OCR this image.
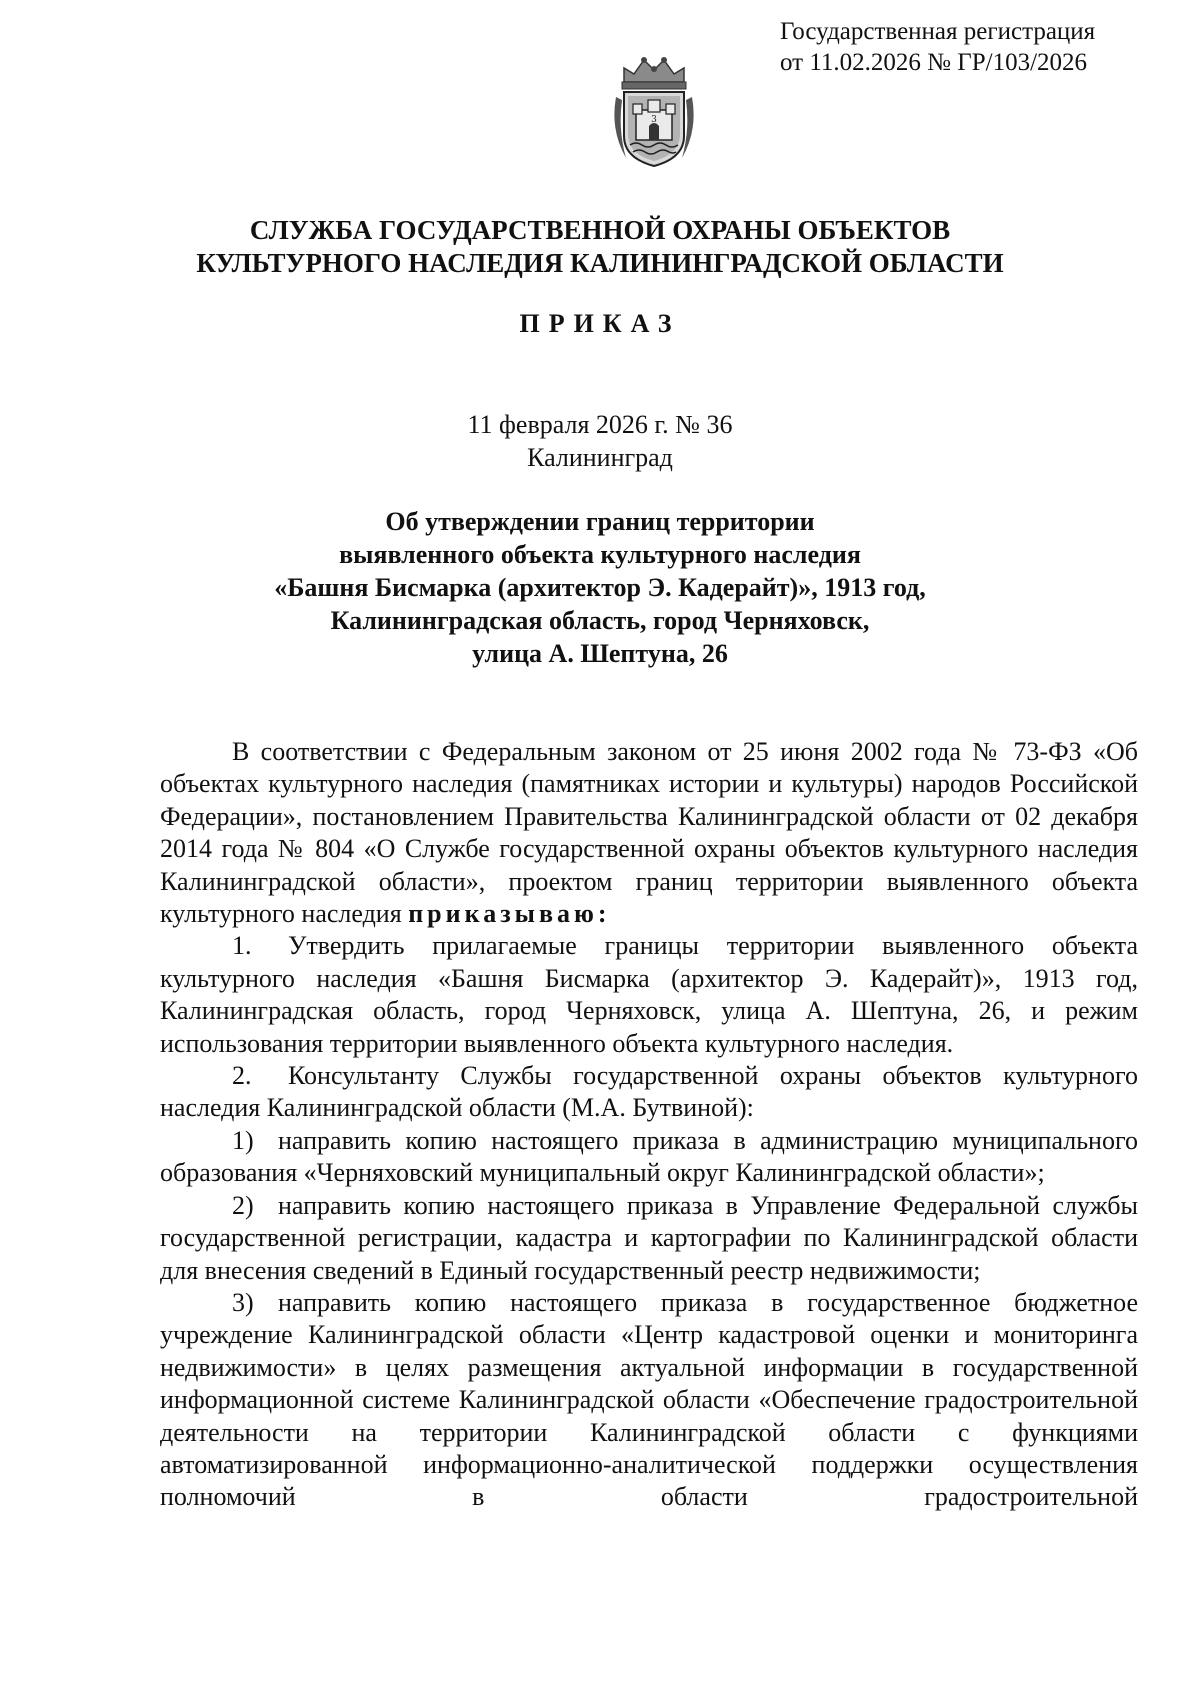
Государственная регистрация
от 11.02.2026 № ГР/103/2026
3
СЛУЖБА ГОСУДАРСТВЕННОЙ ОХРАНЫ ОБЪЕКТОВ
КУЛЬТУРНОГО НАСЛЕДИЯ КАЛИНИНГРАДСКОЙ ОБЛАСТИ
ПРИКАЗ
11 февраля 2026 г. № 36
Калининград
Об утверждении границ территории
выявленного объекта культурного наследия
«Башня Бисмарка (архитектор Э. Кадерайт)», 1913 год,
Калининградская область, город Черняховск,
улица А. Шептуна, 26

В соответствии с Федеральным законом от 25 июня 2002 года № 73-ФЗ «Об объектах культурного наследия (памятниках истории и культуры) народов Российской Федерации», постановлением Правительства Калининградской области от 02 декабря 2014 года № 804 «О Службе государственной охраны объектов культурного наследия Калининградской области», проектом границ территории выявленного объекта культурного наследия приказываю:

1. Утвердить прилагаемые границы территории выявленного объекта культурного наследия «Башня Бисмарка (архитектор Э. Кадерайт)», 1913 год, Калининградская область, город Черняховск, улица А. Шептуна, 26, и режим использования территории выявленного объекта культурного наследия.

2. Консультанту Службы государственной охраны объектов культурного наследия Калининградской области (М.А. Бутвиной):

1) направить копию настоящего приказа в администрацию муниципального образования «Черняховский муниципальный округ Калининградской области»;

2) направить копию настоящего приказа в Управление Федеральной службы государственной регистрации, кадастра и картографии по Калининградской области для внесения сведений в Единый государственный реестр недвижимости;

3) направить копию настоящего приказа в государственное бюджетное учреждение Калининградской области «Центр кадастровой оценки и мониторинга недвижимости» в целях размещения актуальной информации в государственной информационной системе Калининградской области «Обеспечение градостроительной деятельности на территории Калининградской области с функциями автоматизированной информационно-аналитической поддержки осуществления полномочий в области градостроительной
